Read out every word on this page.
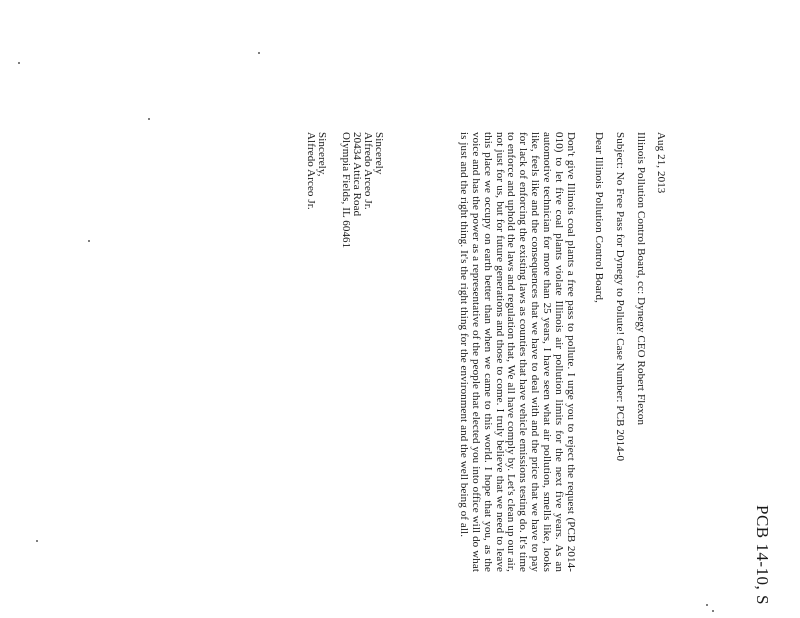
PCB 14-10, S
Aug 21, 2013
Illinois Pollution Control Board, cc: Dynegy CEO Robert Flexon
Subject: No Free Pass for Dynegy to Pollute! Case Number: PCB 2014-0
Dear Illinois Pollution Control Board,
Don't give Illinois coal plants a free pass to pollute. I urge you to reject the request (PCB 2014-010) to let five coal plants violate Illinois air pollution limits for the next five years. As an automotive technician for more than 25 years, I have seen what air pollution, smells like, looks like, feels like and the consequences that we have to deal with and the price that we have to pay for lack of enforcing the existing laws as counties that have vehicle emissions testing do. It's time to enforce and uphold the laws and regulation that, We all have comply by. Let's clean up our air, not just for us, but for future generations and those to come. I truly believe that we need to leave this place we occupy on earth better than when we came to this world. I hope that you, as the voice and has the power as a representative of the people that elected you into office will do what is just and the right thing. It's the right thing for the environment and the well being of all.
Sincerely
Alfredo Arceo Jr.
20434 Attica Road
Olympia Fields, IL 60461
Sincerely,
Alfredo Arceo Jr.
